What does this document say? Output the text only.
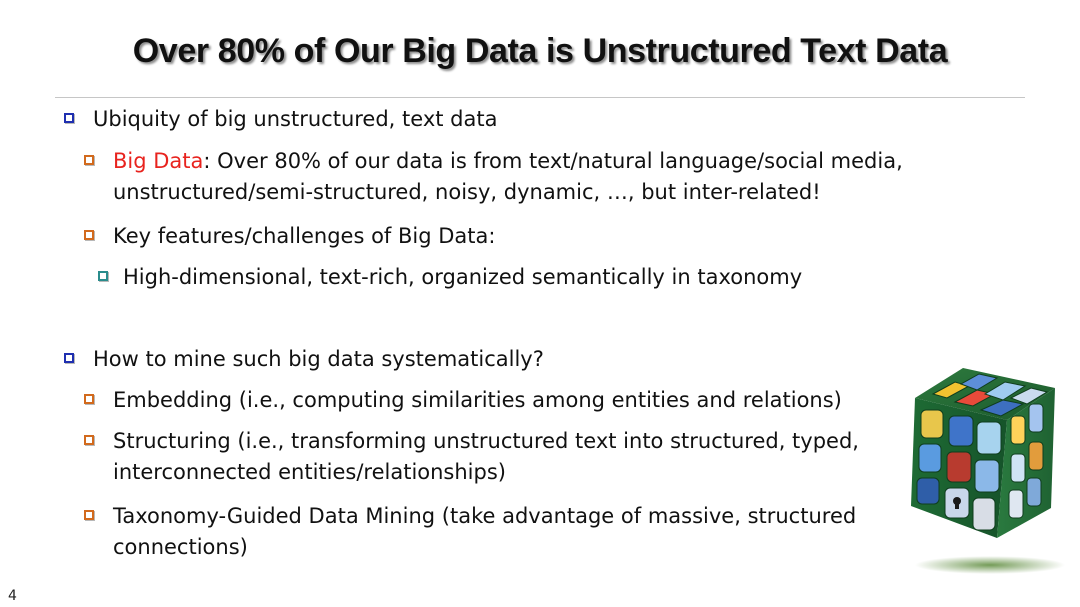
Over 80% of Our Big Data is Unstructured Text Data
Ubiquity of big unstructured, text data
Big Data: Over 80% of our data is from text/natural language/social media,
unstructured/semi-structured, noisy, dynamic, …, but inter-related!
Key features/challenges of Big Data:
High-dimensional, text-rich, organized semantically in taxonomy
How to mine such big data systematically?
Embedding (i.e., computing similarities among entities and relations)
Structuring (i.e., transforming unstructured text into structured, typed,
interconnected entities/relationships)
Taxonomy-Guided Data Mining (take advantage of massive, structured
connections)
4
